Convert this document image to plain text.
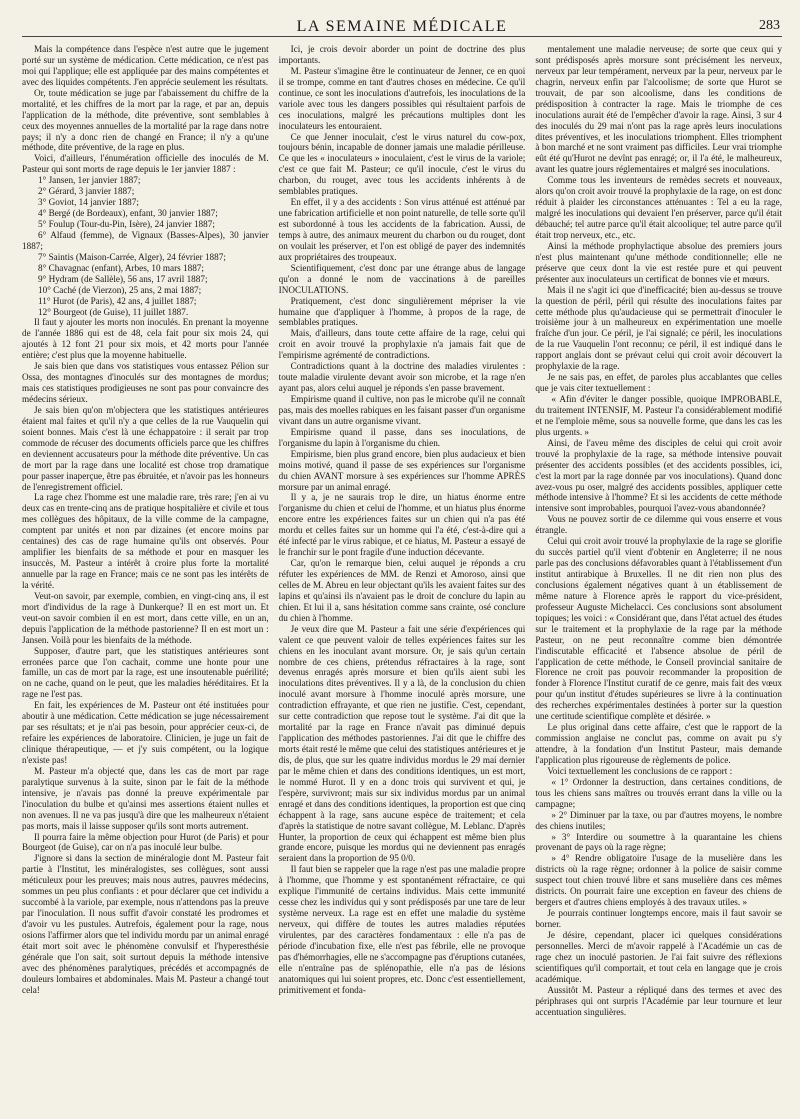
LA SEMAINE MÉDICALE	283

Mais la compétence dans l'espèce n'est autre que le jugement porté sur un système de médication. Cette médication, ce n'est pas moi qui l'applique; elle est appliquée par des mains compétentes et avec des liquides compétents. J'en apprécie seulement les résultats.

Or, toute médication se juge par l'abaissement du chiffre de la mortalité, et les chiffres de la mort par la rage, et par an, depuis l'application de la méthode, dite préventive, sont semblables à ceux des moyennes annuelles de la mortalité par la rage dans notre pays; il n'y a donc rien de changé en France; il n'y a qu'une méthode, dite préventive, de la rage en plus.

Voici, d'ailleurs, l'énumération officielle des inoculés de M. Pasteur qui sont morts de rage depuis le 1er janvier 1887 :

1° Jansen, 1er janvier 1887;

2° Gérard, 3 janvier 1887;

3° Goviot, 14 janvier 1887;

4° Bergé (de Bordeaux), enfant, 30 janvier 1887;

5° Foulup (Tour-du-Pin, Isère), 24 janvier 1887;

6° Alfaud (femme), de Vignaux (Basses-Alpes), 30 janvier 1887;

7° Saintis (Maison-Carrée, Alger), 24 février 1887;

8° Chavagnac (enfant), Arbes, 10 mars 1887;

9° Hydram (de Sallèle), 56 ans, 17 avril 1887;

10° Caché (de Vierzon), 25 ans, 2 mai 1887;

11° Hurot (de Paris), 42 ans, 4 juillet 1887;

12° Bourgeot (de Guise), 11 juillet 1887.

Il faut y ajouter les morts non inoculés. En prenant la moyenne de l'année 1886 qui est de 48, cela fait pour six mois 24, qui ajoutés à 12 font 21 pour six mois, et 42 morts pour l'année entière; c'est plus que la moyenne habituelle.

Je sais bien que dans vos statistiques vous entassez Pélion sur Ossa, des montagnes d'inoculés sur des montagnes de mordus; mais ces statistiques prodigieuses ne sont pas pour convaincre des médecins sérieux.

Je sais bien qu'on m'objectera que les statistiques antérieures étaient mal faites et qu'il n'y a que celles de la rue Vauquelin qui soient bonnes. Mais c'est là une échappatoire : il serait par trop commode de récuser des documents officiels parce que les chiffres en deviennent accusateurs pour la méthode dite préventive. Un cas de mort par la rage dans une localité est chose trop dramatique pour passer inaperçue, être pas ébruitée, et n'avoir pas les honneurs de l'enregistrement officiel.

La rage chez l'homme est une maladie rare, très rare; j'en ai vu deux cas en trente-cinq ans de pratique hospitalière et civile et tous mes collègues des hôpitaux, de la ville comme de la campagne, comptent par unités et non par dizaines (et encore moins par centaines) des cas de rage humaine qu'ils ont observés. Pour amplifier les bienfaits de sa méthode et pour en masquer les insuccès, M. Pasteur a intérêt à croire plus forte la mortalité annuelle par la rage en France; mais ce ne sont pas les intérêts de la vérité.

Veut-on savoir, par exemple, combien, en vingt-cinq ans, il est mort d'individus de la rage à Dunkerque? Il en est mort un. Et veut-on savoir combien il en est mort, dans cette ville, en un an, depuis l'application de la méthode pastorienne? Il en est mort un : Jansen. Voilà pour les bienfaits de la méthode.

Supposer, d'autre part, que les statistiques antérieures sont erronées parce que l'on cachait, comme une honte pour une famille, un cas de mort par la rage, est une insoutenable puérilité; on ne cache, quand on le peut, que les maladies héréditaires. Et la rage ne l'est pas.

En fait, les expériences de M. Pasteur ont été instituées pour aboutir à une médication. Cette médication se juge nécessairement par ses résultats; et je n'ai pas besoin, pour apprécier ceux-ci, de refaire les expériences de laboratoire. Clinicien, je juge un fait de clinique thérapeutique, — et j'y suis compétent, ou la logique n'existe pas!

M. Pasteur m'a objecté que, dans les cas de mort par rage paralytique survenus à la suite, sinon par le fait de la méthode intensive, je n'avais pas donné la preuve expérimentale par l'inoculation du bulbe et qu'ainsi mes assertions étaient nulles et non avenues. Il ne va pas jusqu'à dire que les malheureux n'étaient pas morts, mais il laisse supposer qu'ils sont morts autrement.

Il pourra faire la même objection pour Hurot (de Paris) et pour Bourgeot (de Guise), car on n'a pas inoculé leur bulbe.

J'ignore si dans la section de minéralogie dont M. Pasteur fait partie à l'Institut, les minéralogistes, ses collègues, sont aussi méticuleux pour les preuves; mais nous autres, pauvres médecins, sommes un peu plus confiants : et pour déclarer que cet individu a succombé à la variole, par exemple, nous n'attendons pas la preuve par l'inoculation. Il nous suffit d'avoir constaté les prodromes et d'avoir vu les pustules. Autrefois, également pour la rage, nous osions l'affirmer alors que tel individu mordu par un animal enragé était mort soit avec le phénomène convulsif et l'hyperesthésie générale que l'on sait, soit surtout depuis la méthode intensive avec des phénomènes paralytiques, précédés et accompagnés de douleurs lombaires et abdominales. Mais M. Pasteur a changé tout cela!

Ici, je crois devoir aborder un point de doctrine des plus importants.

M. Pasteur s'imagine être le continuateur de Jenner, ce en quoi il se trompe, comme en tant d'autres choses en médecine. Ce qu'il continue, ce sont les inoculations d'autrefois, les inoculations de la variole avec tous les dangers possibles qui résultaient parfois de ces inoculations, malgré les précautions multiples dont les inoculateurs les entouraient.

Ce que Jenner inoculait, c'est le virus naturel du cow-pox, toujours bénin, incapable de donner jamais une maladie périlleuse. Ce que les « inoculateurs » inoculaient, c'est le virus de la variole; c'est ce que fait M. Pasteur; ce qu'il inocule, c'est le virus du charbon, du rouget, avec tous les accidents inhérents à de semblables pratiques.

En effet, il y a des accidents : Son virus atténué est atténué par une fabrication artificielle et non point naturelle, de telle sorte qu'il est subordonné à tous les accidents de la fabrication. Aussi, de temps à autre, des animaux meurent du charbon ou du rouget, dont on voulait les préserver, et l'on est obligé de payer des indemnités aux propriétaires des troupeaux.

Scientifiquement, c'est donc par une étrange abus de langage qu'on a donné le nom de vaccinations à de pareilles INOCULATIONS.

Pratiquement, c'est donc singulièrement mépriser la vie humaine que d'appliquer à l'homme, à propos de la rage, de semblables pratiques.

Mais, d'ailleurs, dans toute cette affaire de la rage, celui qui croit en avoir trouvé la prophylaxie n'a jamais fait que de l'empirisme agrémenté de contradictions.

Contradictions quant à la doctrine des maladies virulentes : toute maladie virulente devant avoir son microbe, et la rage n'en ayant pas, alors celui auquel je réponds s'en passe bravement.

Empirisme quand il cultive, non pas le microbe qu'il ne connaît pas, mais des moelles rabiques en les faisant passer d'un organisme vivant dans un autre organisme vivant.

Empirisme quand il passe, dans ses inoculations, de l'organisme du lapin à l'organisme du chien.

Empirisme, bien plus grand encore, bien plus audacieux et bien moins motivé, quand il passe de ses expériences sur l'organisme du chien AVANT morsure à ses expériences sur l'homme APRÈS morsure par un animal enragé.

Il y a, je ne saurais trop le dire, un hiatus énorme entre l'organisme du chien et celui de l'homme, et un hiatus plus énorme encore entre les expériences faites sur un chien qui n'a pas été mordu et celles faites sur un homme qui l'a été, c'est-à-dire qui a été infecté par le virus rabique, et ce hiatus, M. Pasteur a essayé de le franchir sur le pont fragile d'une induction décevante.

Car, qu'on le remarque bien, celui auquel je réponds a cru réfuter les expériences de MM. de Renzi et Amoroso, ainsi que celles de M. Abreu en leur objectant qu'ils les avaient faites sur des lapins et qu'ainsi ils n'avaient pas le droit de conclure du lapin au chien. Et lui il a, sans hésitation comme sans crainte, osé conclure du chien à l'homme.

Je veux dire que M. Pasteur a fait une série d'expériences qui valent ce que peuvent valoir de telles expériences faites sur les chiens en les inoculant avant morsure. Or, je sais qu'un certain nombre de ces chiens, prétendus réfractaires à la rage, sont devenus enragés après morsure et bien qu'ils aient subi les inoculations dites préventives. Il y a là, de la conclusion du chien inoculé avant morsure à l'homme inoculé après morsure, une contradiction effrayante, et que rien ne justifie. C'est, cependant, sur cette contradiction que repose tout le système. J'ai dit que la mortalité par la rage en France n'avait pas diminué depuis l'application des méthodes pastoriennes. J'ai dit que le chiffre des morts était resté le même que celui des statistiques antérieures et je dis, de plus, que sur les quatre individus mordus le 29 mai dernier par le même chien et dans des conditions identiques, un est mort, le nommé Hurot. Il y en a donc trois qui survivent et qui, je l'espère, survivront; mais sur six individus mordus par un animal enragé et dans des conditions identiques, la proportion est que cinq échappent à la rage, sans aucune espèce de traitement; et cela d'après la statistique de notre savant collègue, M. Leblanc. D'après Hunter, la proportion de ceux qui échappent est même bien plus grande encore, puisque les mordus qui ne deviennent pas enragés seraient dans la proportion de 95 0/0.

Il faut bien se rappeler que la rage n'est pas une maladie propre à l'homme, que l'homme y est spontanément réfractaire, ce qui explique l'immunité de certains individus. Mais cette immunité cesse chez les individus qui y sont prédisposés par une tare de leur système nerveux. La rage est en effet une maladie du système nerveux, qui diffère de toutes les autres maladies réputées virulentes, par des caractères fondamentaux : elle n'a pas de période d'incubation fixe, elle n'est pas fébrile, elle ne provoque pas d'hémorrhagies, elle ne s'accompagne pas d'éruptions cutanées, elle n'entraîne pas de splénopathie, elle n'a pas de lésions anatomiques qui lui soient propres, etc. Donc c'est essentiellement, primitivement et fonda-

mentalement une maladie nerveuse; de sorte que ceux qui y sont prédisposés après morsure sont précisément les nerveux, nerveux par leur tempérament, nerveux par la peur, nerveux par le chagrin, nerveux enfin par l'alcoolisme; de sorte que Hurot se trouvait, de par son alcoolisme, dans les conditions de prédisposition à contracter la rage. Mais le triomphe de ces inoculations aurait été de l'empêcher d'avoir la rage. Ainsi, 3 sur 4 des inoculés du 29 mai n'ont pas la rage après leurs inoculations dites préventives, et les inoculations triomphent. Elles triomphent à bon marché et ne sont vraiment pas difficiles. Leur vrai triomphe eût été qu'Hurot ne devînt pas enragé; or, il l'a été, le malheureux, avant les quatre jours réglementaires et malgré ses inoculations.

Comme tous les inventeurs de remèdes secrets et nouveaux, alors qu'on croit avoir trouvé la prophylaxie de la rage, on est donc réduit à plaider les circonstances atténuantes : Tel a eu la rage, malgré les inoculations qui devaient l'en préserver, parce qu'il était débauché; tel autre parce qu'il était alcoolique; tel autre parce qu'il était trop nerveux, etc., etc.

Ainsi la méthode prophylactique absolue des premiers jours n'est plus maintenant qu'une méthode conditionnelle; elle ne préserve que ceux dont la vie est restée pure et qui peuvent présenter aux inoculateurs un certificat de bonnes vie et mœurs.

Mais il ne s'agit ici que d'inefficacité; bien au-dessus se trouve la question de péril, péril qui résulte des inoculations faites par cette méthode plus qu'audacieuse qui se permettrait d'inoculer le troisième jour à un malheureux en expérimentation une moelle fraîche d'un jour. Ce péril, je l'ai signalé; ce péril, les inoculations de la rue Vauquelin l'ont reconnu; ce péril, il est indiqué dans le rapport anglais dont se prévaut celui qui croit avoir découvert la prophylaxie de la rage.

Je ne sais pas, en effet, de paroles plus accablantes que celles que je vais citer textuellement :

« Afin d'éviter le danger possible, quoique IMPROBABLE, du traitement INTENSIF, M. Pasteur l'a considérablement modifié et ne l'emploie même, sous sa nouvelle forme, que dans les cas les plus urgents. »

Ainsi, de l'aveu même des disciples de celui qui croit avoir trouvé la prophylaxie de la rage, sa méthode intensive pouvait présenter des accidents possibles (et des accidents possibles, ici, c'est la mort par la rage donnée par vos inoculations). Quand donc avez-vous pu oser, malgré des accidents possibles, appliquer cette méthode intensive à l'homme? Et si les accidents de cette méthode intensive sont improbables, pourquoi l'avez-vous abandonnée?

Vous ne pouvez sortir de ce dilemme qui vous enserre et vous étrangle.

Celui qui croit avoir trouvé la prophylaxie de la rage se glorifie du succès partiel qu'il vient d'obtenir en Angleterre; il ne nous parle pas des conclusions défavorables quant à l'établissement d'un institut antirabique à Bruxelles. Il ne dit rien non plus des conclusions également négatives quant à un établissement de même nature à Florence après le rapport du vice-président, professeur Auguste Michelacci. Ces conclusions sont absolument topiques; les voici : « Considérant que, dans l'état actuel des études sur le traitement et la prophylaxie de la rage par la méthode Pasteur, on ne peut reconnaître comme bien démontrée l'indiscutable efficacité et l'absence absolue de péril de l'application de cette méthode, le Conseil provincial sanitaire de Florence ne croit pas pouvoir recommander la proposition de fonder à Florence l'Institut curatif de ce genre, mais fait des vœux pour qu'un institut d'études supérieures se livre à la continuation des recherches expérimentales destinées à porter sur la question une certitude scientifique complète et désirée. »

Le plus original dans cette affaire, c'est que le rapport de la commission anglaise ne conclut pas, comme on avait pu s'y attendre, à la fondation d'un Institut Pasteur, mais demande l'application plus rigoureuse de règlements de police.

Voici textuellement les conclusions de ce rapport :

« 1° Ordonner la destruction, dans certaines conditions, de tous les chiens sans maîtres ou trouvés errant dans la ville ou la campagne;

» 2° Diminuer par la taxe, ou par d'autres moyens, le nombre des chiens inutiles;

» 3° Interdire ou soumettre à la quarantaine les chiens provenant de pays où la rage règne;

» 4° Rendre obligatoire l'usage de la muselière dans les districts où la rage règne; ordonner à la police de saisir comme suspect tout chien trouvé libre et sans muselière dans ces mêmes districts. On pourrait faire une exception en faveur des chiens de bergers et d'autres chiens employés à des travaux utiles. »

Je pourrais continuer longtemps encore, mais il faut savoir se borner.

Je désire, cependant, placer ici quelques considérations personnelles. Merci de m'avoir rappelé à l'Académie un cas de rage chez un inoculé pastorien. Je l'ai fait suivre des réflexions scientifiques qu'il comportait, et tout cela en langage que je crois académique.

Aussitôt M. Pasteur a répliqué dans des termes et avec des périphrases qui ont surpris l'Académie par leur tournure et leur accentuation singulières.
